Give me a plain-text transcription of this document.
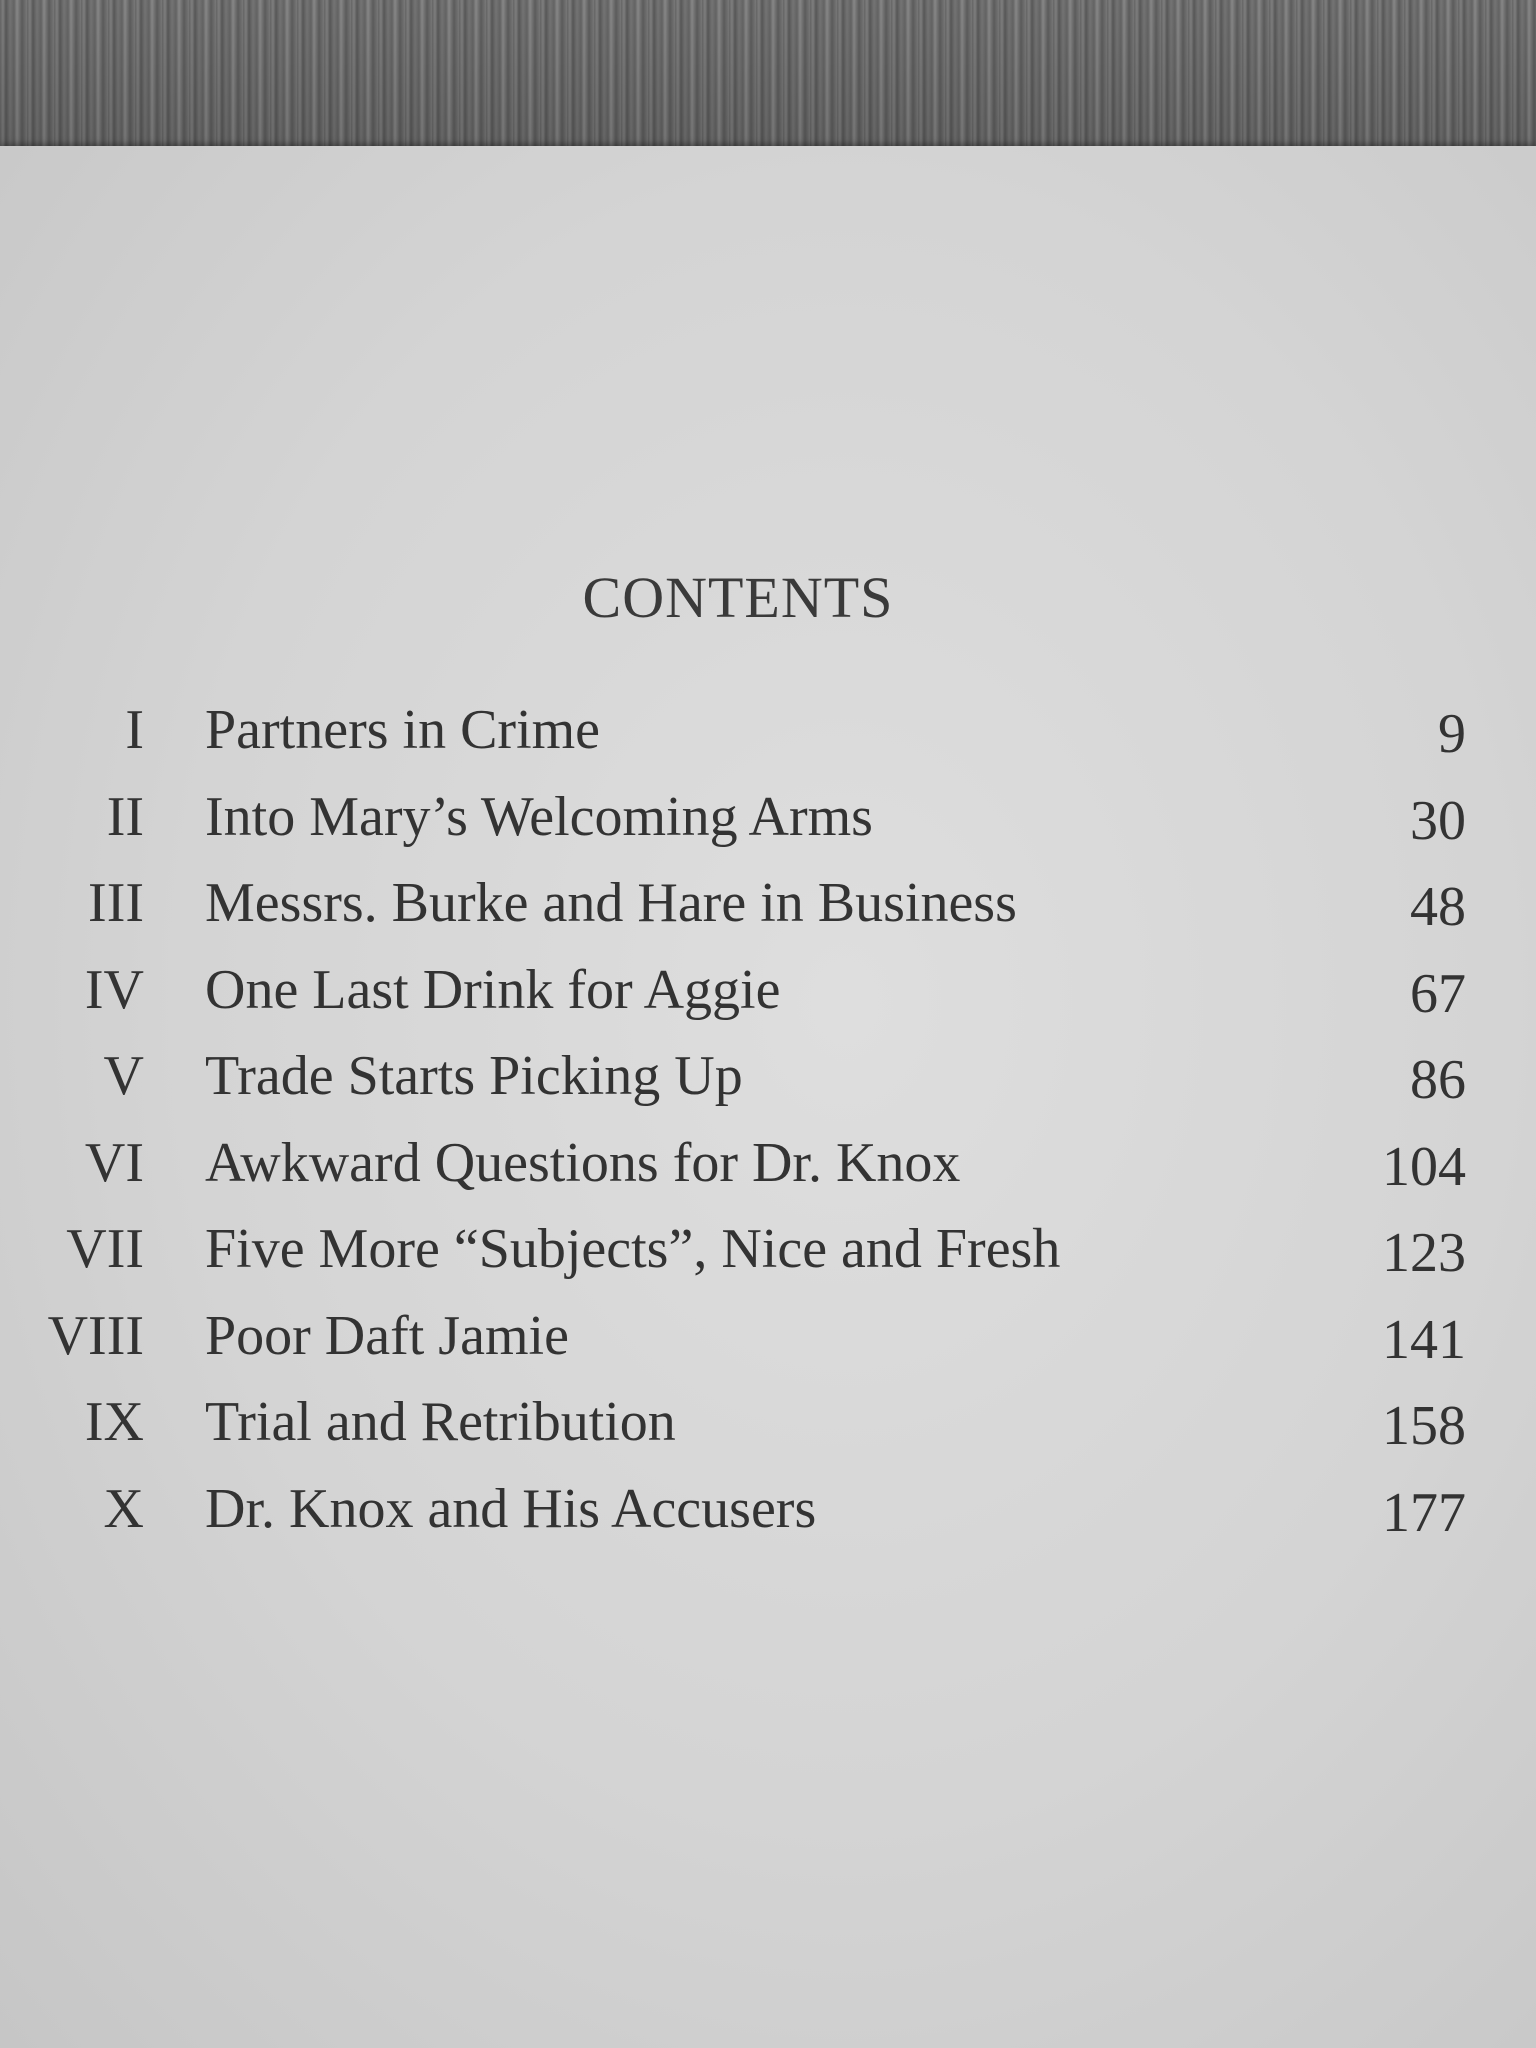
CONTENTS
I Partners in Crime	9
II Into Mary’s Welcoming Arms	30
III Messrs. Burke and Hare in Business	48
IV One Last Drink for Aggie	67
V Trade Starts Picking Up	86
VI Awkward Questions for Dr. Knox	104
VII Five More “Subjects”, Nice and Fresh	123
VIII Poor Daft Jamie	141
IX Trial and Retribution	158
X Dr. Knox and His Accusers	177
